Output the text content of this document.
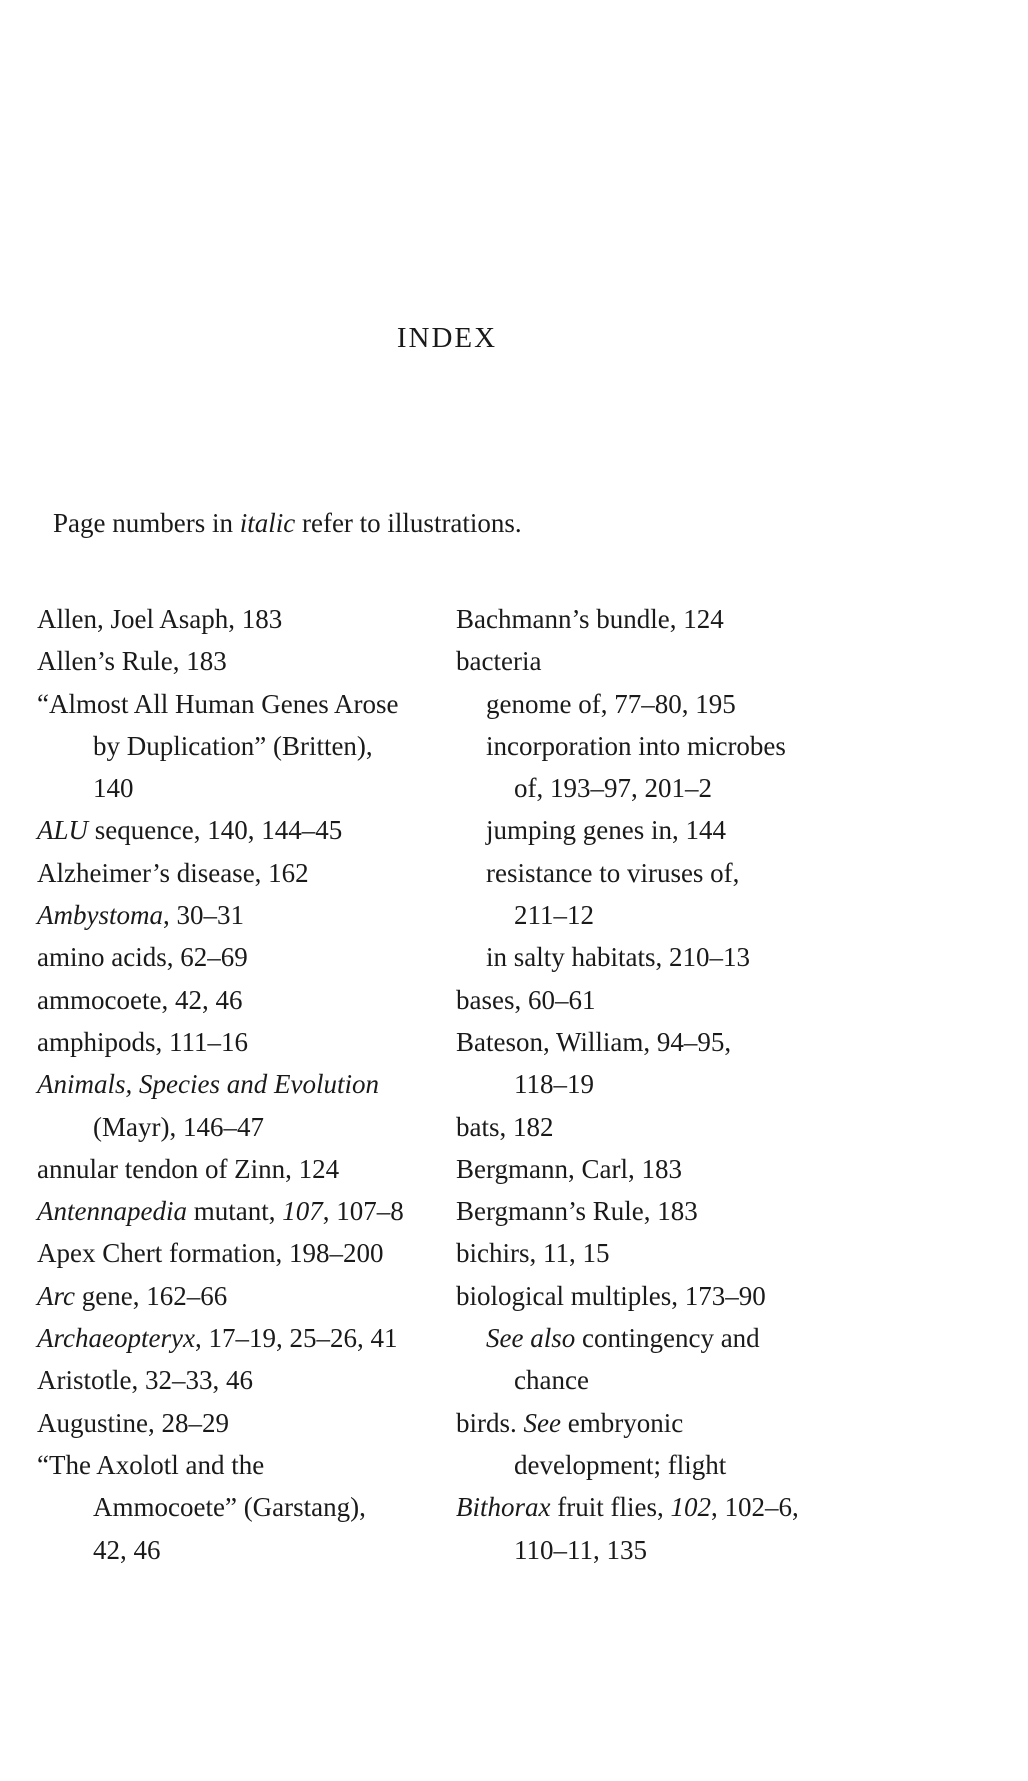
INDEX
Page numbers in italic refer to illustrations.
Allen, Joel Asaph, 183
Allen’s Rule, 183
“Almost All Human Genes Arose
by Duplication” (Britten),
140
ALU sequence, 140, 144–45
Alzheimer’s disease, 162
Ambystoma, 30–31
amino acids, 62–69
ammocoete, 42, 46
amphipods, 111–16
Animals, Species and Evolution
(Mayr), 146–47
annular tendon of Zinn, 124
Antennapedia mutant, 107, 107–8
Apex Chert formation, 198–200
Arc gene, 162–66
Archaeopteryx, 17–19, 25–26, 41
Aristotle, 32–33, 46
Augustine, 28–29
“The Axolotl and the
Ammocoete” (Garstang),
42, 46
Bachmann’s bundle, 124
bacteria
genome of, 77–80, 195
incorporation into microbes
of, 193–97, 201–2
jumping genes in, 144
resistance to viruses of,
211–12
in salty habitats, 210–13
bases, 60–61
Bateson, William, 94–95,
118–19
bats, 182
Bergmann, Carl, 183
Bergmann’s Rule, 183
bichirs, 11, 15
biological multiples, 173–90
See also contingency and
chance
birds. See embryonic
development; flight
Bithorax fruit flies, 102, 102–6,
110–11, 135
